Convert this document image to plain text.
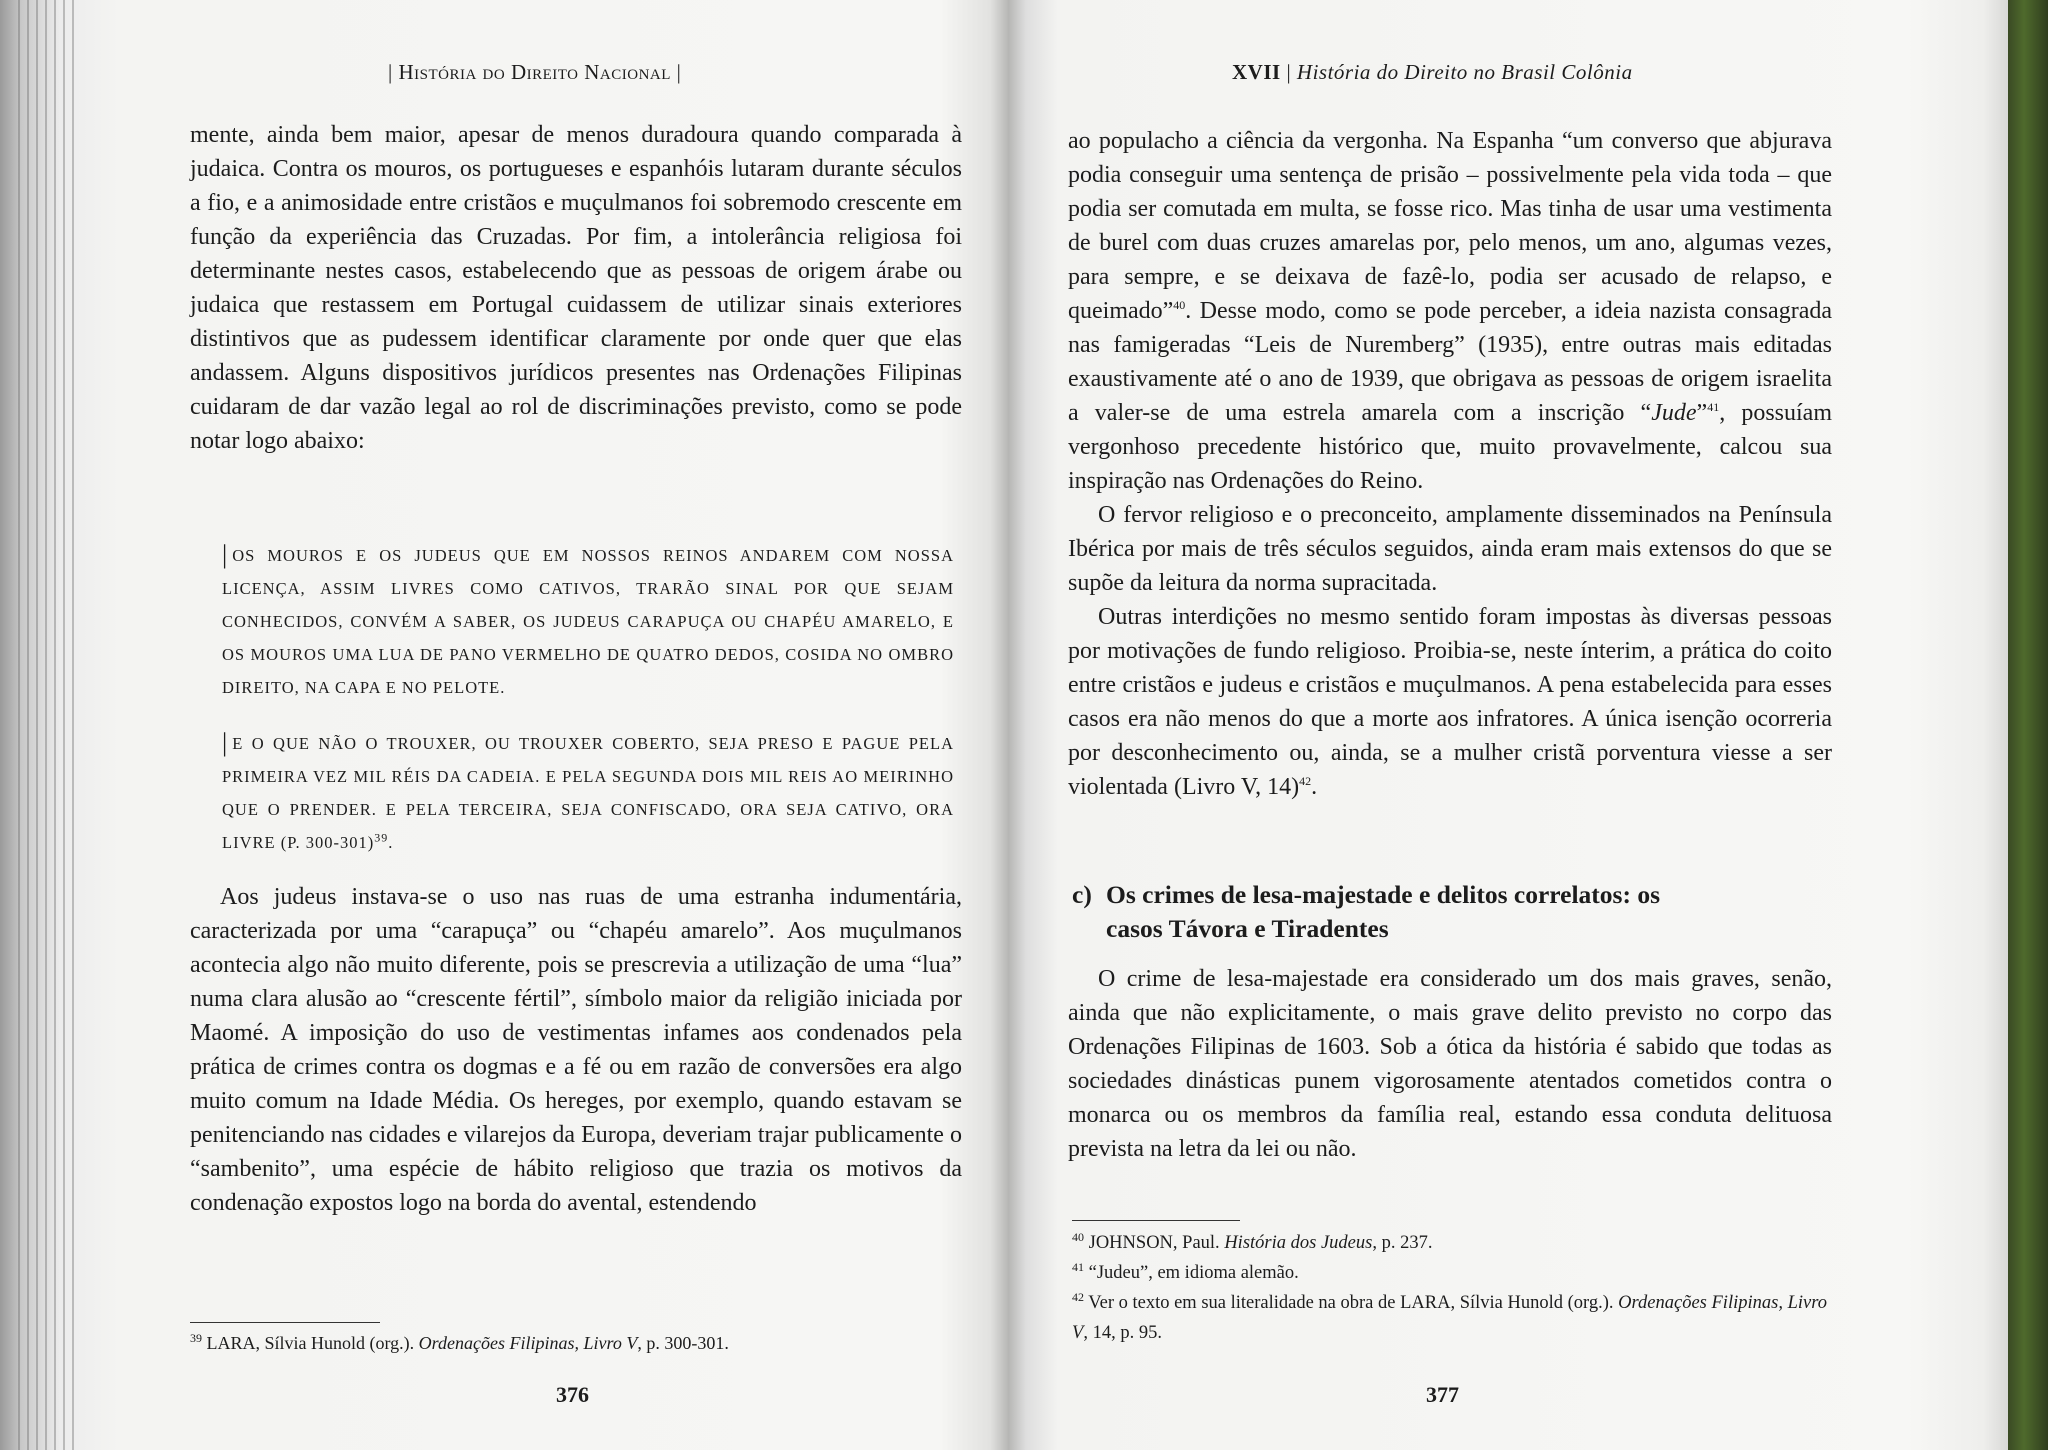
| História do Direito Nacional |

mente, ainda bem maior, apesar de menos duradoura quando comparada à judaica. Contra os mouros, os portugueses e espanhóis lutaram durante séculos a fio, e a animosidade entre cristãos e muçulmanos foi sobremodo crescente em função da experiência das Cruzadas. Por fim, a intolerância religiosa foi determinante nestes casos, estabelecendo que as pessoas de origem árabe ou judaica que restassem em Portugal cuidassem de utilizar sinais exteriores distintivos que as pudessem identificar claramente por onde quer que elas andassem. Alguns dispositivos jurídicos presentes nas Ordenações Filipinas cuidaram de dar vazão legal ao rol de discriminações previsto, como se pode notar logo abaixo:

| OS MOUROS E OS JUDEUS QUE EM NOSSOS REINOS ANDAREM COM NOSSA LICENÇA, ASSIM LIVRES COMO CATIVOS, TRARÃO SINAL POR QUE SEJAM CONHECIDOS, CONVÉM A SABER, OS JUDEUS CARAPUÇA OU CHAPÉU AMARELO, E OS MOUROS UMA LUA DE PANO VERMELHO DE QUATRO DEDOS, COSIDA NO OMBRO DIREITO, NA CAPA E NO PELOTE.
| E O QUE NÃO O TROUXER, OU TROUXER COBERTO, SEJA PRESO E PAGUE PELA PRIMEIRA VEZ MIL RÉIS DA CADEIA. E PELA SEGUNDA DOIS MIL REIS AO MEIRINHO QUE O PRENDER. E PELA TERCEIRA, SEJA CONFISCADO, ORA SEJA CATIVO, ORA LIVRE (P. 300-301)$^{39}$.

Aos judeus instava-se o uso nas ruas de uma estranha indumentária, caracterizada por uma “carapuça” ou “chapéu amarelo”. Aos muçulmanos acontecia algo não muito diferente, pois se prescrevia a utilização de uma “lua” numa clara alusão ao “crescente fértil”, símbolo maior da religião iniciada por Maomé. A imposição do uso de vestimentas infames aos condenados pela prática de crimes contra os dogmas e a fé ou em razão de conversões era algo muito comum na Idade Média. Os hereges, por exemplo, quando estavam se penitenciando nas cidades e vilarejos da Europa, deveriam trajar publicamente o “sambenito”, uma espécie de hábito religioso que trazia os motivos da condenação expostos logo na borda do avental, estendendo

$^{39}$ LARA, Sílvia Hunold (org.). Ordenações Filipinas, Livro V, p. 300-301.
376
XVII | História do Direito no Brasil Colônia

ao populacho a ciência da vergonha. Na Espanha “um converso que abjurava podia conseguir uma sentença de prisão – possivelmente pela vida toda – que podia ser comutada em multa, se fosse rico. Mas tinha de usar uma vestimenta de burel com duas cruzes amarelas por, pelo menos, um ano, algumas vezes, para sempre, e se deixava de fazê-lo, podia ser acusado de relapso, e queimado”$^{40}$. Desse modo, como se pode perceber, a ideia nazista consagrada nas famigeradas “Leis de Nuremberg” (1935), entre outras mais editadas exaustivamente até o ano de 1939, que obrigava as pessoas de origem israelita a valer-se de uma estrela amarela com a inscrição “Jude”$^{41}$, possuíam vergonhoso precedente histórico que, muito provavelmente, calcou sua inspiração nas Ordenações do Reino.

O fervor religioso e o preconceito, amplamente disseminados na Península Ibérica por mais de três séculos seguidos, ainda eram mais extensos do que se supõe da leitura da norma supracitada.

Outras interdições no mesmo sentido foram impostas às diversas pessoas por motivações de fundo religioso. Proibia-se, neste ínterim, a prática do coito entre cristãos e judeus e cristãos e muçulmanos. A pena estabelecida para esses casos era não menos do que a morte aos infratores. A única isenção ocorreria por desconhecimento ou, ainda, se a mulher cristã porventura viesse a ser violentada (Livro V, 14)$^{42}$.

c) Os crimes de lesa-majestade e delitos correlatos: os
casos Távora e Tiradentes

O crime de lesa-majestade era considerado um dos mais graves, senão, ainda que não explicitamente, o mais grave delito previsto no corpo das Ordenações Filipinas de 1603. Sob a ótica da história é sabido que todas as sociedades dinásticas punem vigorosamente atentados cometidos contra o monarca ou os membros da família real, estando essa conduta delituosa prevista na letra da lei ou não.

$^{40}$ JOHNSON, Paul. História dos Judeus, p. 237.
$^{41}$ “Judeu”, em idioma alemão.
$^{42}$ Ver o texto em sua literalidade na obra de LARA, Sílvia Hunold (org.). Ordenações Filipinas, Livro V, 14, p. 95.
377
